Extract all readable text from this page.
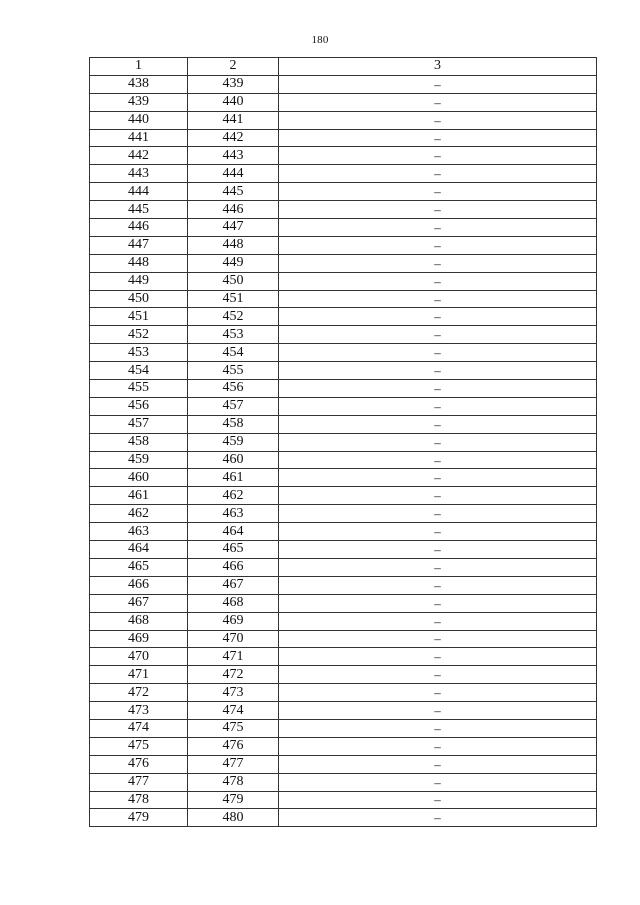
180
1	2	3
438	439	–
439	440	–
440	441	–
441	442	–
442	443	–
443	444	–
444	445	–
445	446	–
446	447	–
447	448	–
448	449	–
449	450	–
450	451	–
451	452	–
452	453	–
453	454	–
454	455	–
455	456	–
456	457	–
457	458	–
458	459	–
459	460	–
460	461	–
461	462	–
462	463	–
463	464	–
464	465	–
465	466	–
466	467	–
467	468	–
468	469	–
469	470	–
470	471	–
471	472	–
472	473	–
473	474	–
474	475	–
475	476	–
476	477	–
477	478	–
478	479	–
479	480	–
